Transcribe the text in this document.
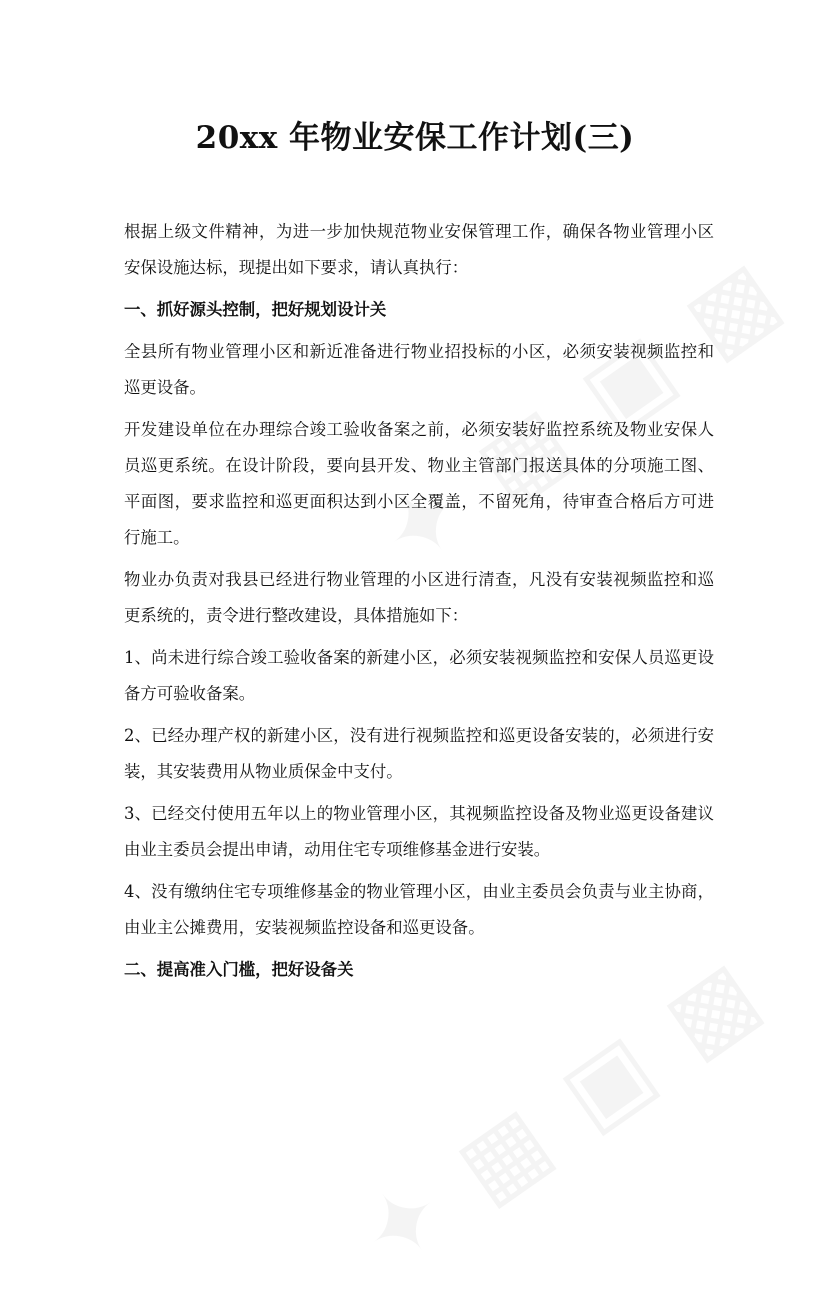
20xx 年物业安保工作计划(三)

根据上级文件精神，为进一步加快规范物业安保管理工作，确保各物业管理小区安保设施达标，现提出如下要求，请认真执行：

一、抓好源头控制，把好规划设计关

全县所有物业管理小区和新近准备进行物业招投标的小区，必须安装视频监控和巡更设备。

开发建设单位在办理综合竣工验收备案之前，必须安装好监控系统及物业安保人员巡更系统。在设计阶段，要向县开发、物业主管部门报送具体的分项施工图、平面图，要求监控和巡更面积达到小区全覆盖，不留死角，待审查合格后方可进行施工。

物业办负责对我县已经进行物业管理的小区进行清查，凡没有安装视频监控和巡更系统的，责令进行整改建设，具体措施如下：

1、尚未进行综合竣工验收备案的新建小区，必须安装视频监控和安保人员巡更设备方可验收备案。

2、已经办理产权的新建小区，没有进行视频监控和巡更设备安装的，必须进行安装，其安装费用从物业质保金中支付。

3、已经交付使用五年以上的物业管理小区，其视频监控设备及物业巡更设备建议由业主委员会提出申请，动用住宅专项维修基金进行安装。

4、没有缴纳住宅专项维修基金的物业管理小区，由业主委员会负责与业主协商，由业主公摊费用，安装视频监控设备和巡更设备。

二、提高准入门槛，把好设备关
